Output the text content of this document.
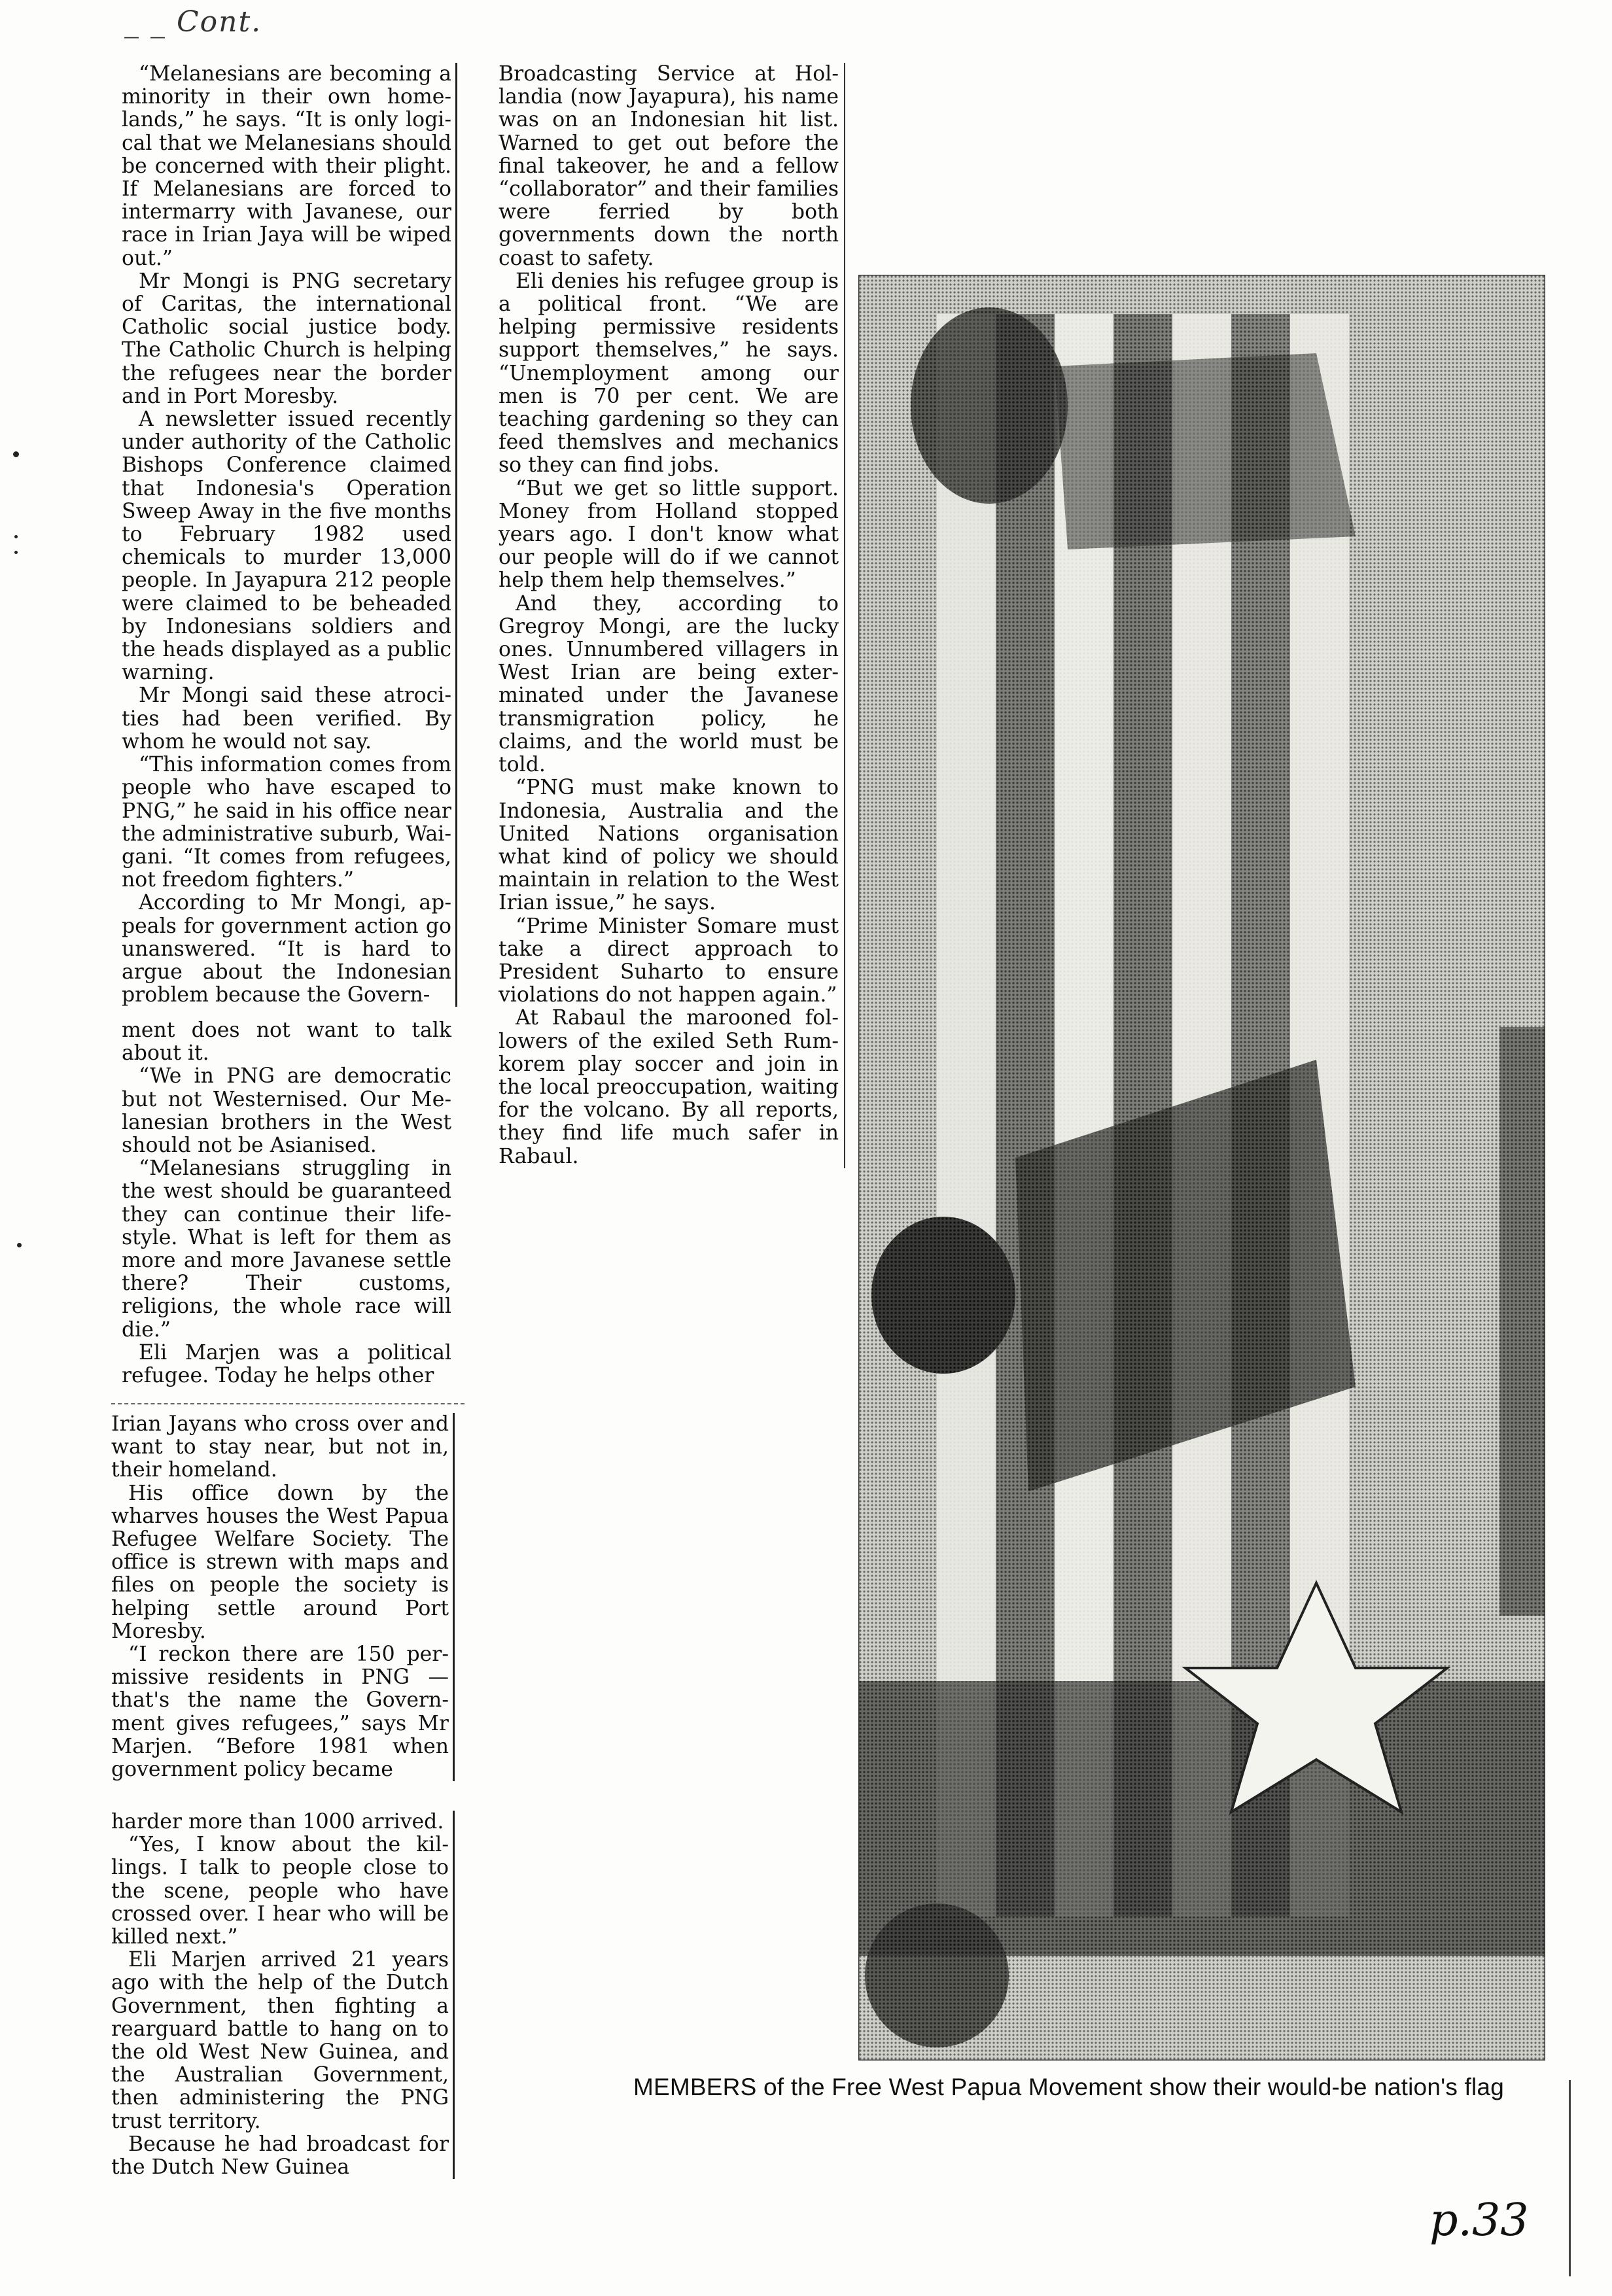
_ _ Cont.

“Melanesians are becoming a minority in their own homelands,” he says. “It is only logical that we Melanesians should be concerned with their plight. If Melanesians are forced to intermarry with Javanese, our race in Irian Jaya will be wiped out.”

Mr Mongi is PNG secretary of Caritas, the international Catholic social justice body. The Catholic Church is helping the refugees near the border and in Port Moresby.

A newsletter issued recently under authority of the Catholic Bishops Conference claimed that Indonesia's Operation Sweep Away in the five months to February 1982 used chemicals to murder 13,000 people. In Jayapura 212 people were claimed to be beheaded by Indonesians soldiers and the heads displayed as a public warning.

Mr Mongi said these atrocities had been verified. By whom he would not say.

“This information comes from people who have escaped to PNG,” he said in his office near the administrative suburb, Waigani. “It comes from refugees, not freedom fighters.”

According to Mr Mongi, appeals for government action go unanswered. “It is hard to argue about the Indonesian problem because the Govern-

ment does not want to talk about it.

“We in PNG are democratic but not Westernised. Our Melanesian brothers in the West should not be Asianised.

“Melanesians struggling in the west should be guaranteed they can continue their lifestyle. What is left for them as more and more Javanese settle there? Their customs, religions, the whole race will die.”

Eli Marjen was a political refugee. Today he helps other

Irian Jayans who cross over and want to stay near, but not in, their homeland.

His office down by the wharves houses the West Papua Refugee Welfare Society. The office is strewn with maps and files on people the society is helping settle around Port Moresby.

“I reckon there are 150 permissive residents in PNG — that's the name the Government gives refugees,” says Mr Marjen. “Before 1981 when government policy became

harder more than 1000 arrived.

“Yes, I know about the killings. I talk to people close to the scene, people who have crossed over. I hear who will be killed next.”

Eli Marjen arrived 21 years ago with the help of the Dutch Government, then fighting a rearguard battle to hang on to the old West New Guinea, and the Australian Government, then administering the PNG trust territory.

Because he had broadcast for the Dutch New Guinea

Broadcasting Service at Hollandia (now Jayapura), his name was on an Indonesian hit list. Warned to get out before the final takeover, he and a fellow “collaborator” and their families were ferried by both governments down the north coast to safety.

Eli denies his refugee group is a political front. “We are helping permissive residents support themselves,” he says. “Unemployment among our men is 70 per cent. We are teaching gardening so they can feed themslves and mechanics so they can find jobs.

“But we get so little support. Money from Holland stopped years ago. I don't know what our people will do if we cannot help them help themselves.”

And they, according to Gregroy Mongi, are the lucky ones. Unnumbered villagers in West Irian are being exterminated under the Javanese transmigration policy, he claims, and the world must be told.

“PNG must make known to Indonesia, Australia and the United Nations organisation what kind of policy we should maintain in relation to the West Irian issue,” he says.

“Prime Minister Somare must take a direct approach to President Suharto to ensure violations do not happen again.”

At Rabaul the marooned followers of the exiled Seth Rumkorem play soccer and join in the local preoccupation, waiting for the volcano. By all reports, they find life much safer in Rabaul.

MEMBERS of the Free West Papua Movement show their would-be nation's flag
p.33
